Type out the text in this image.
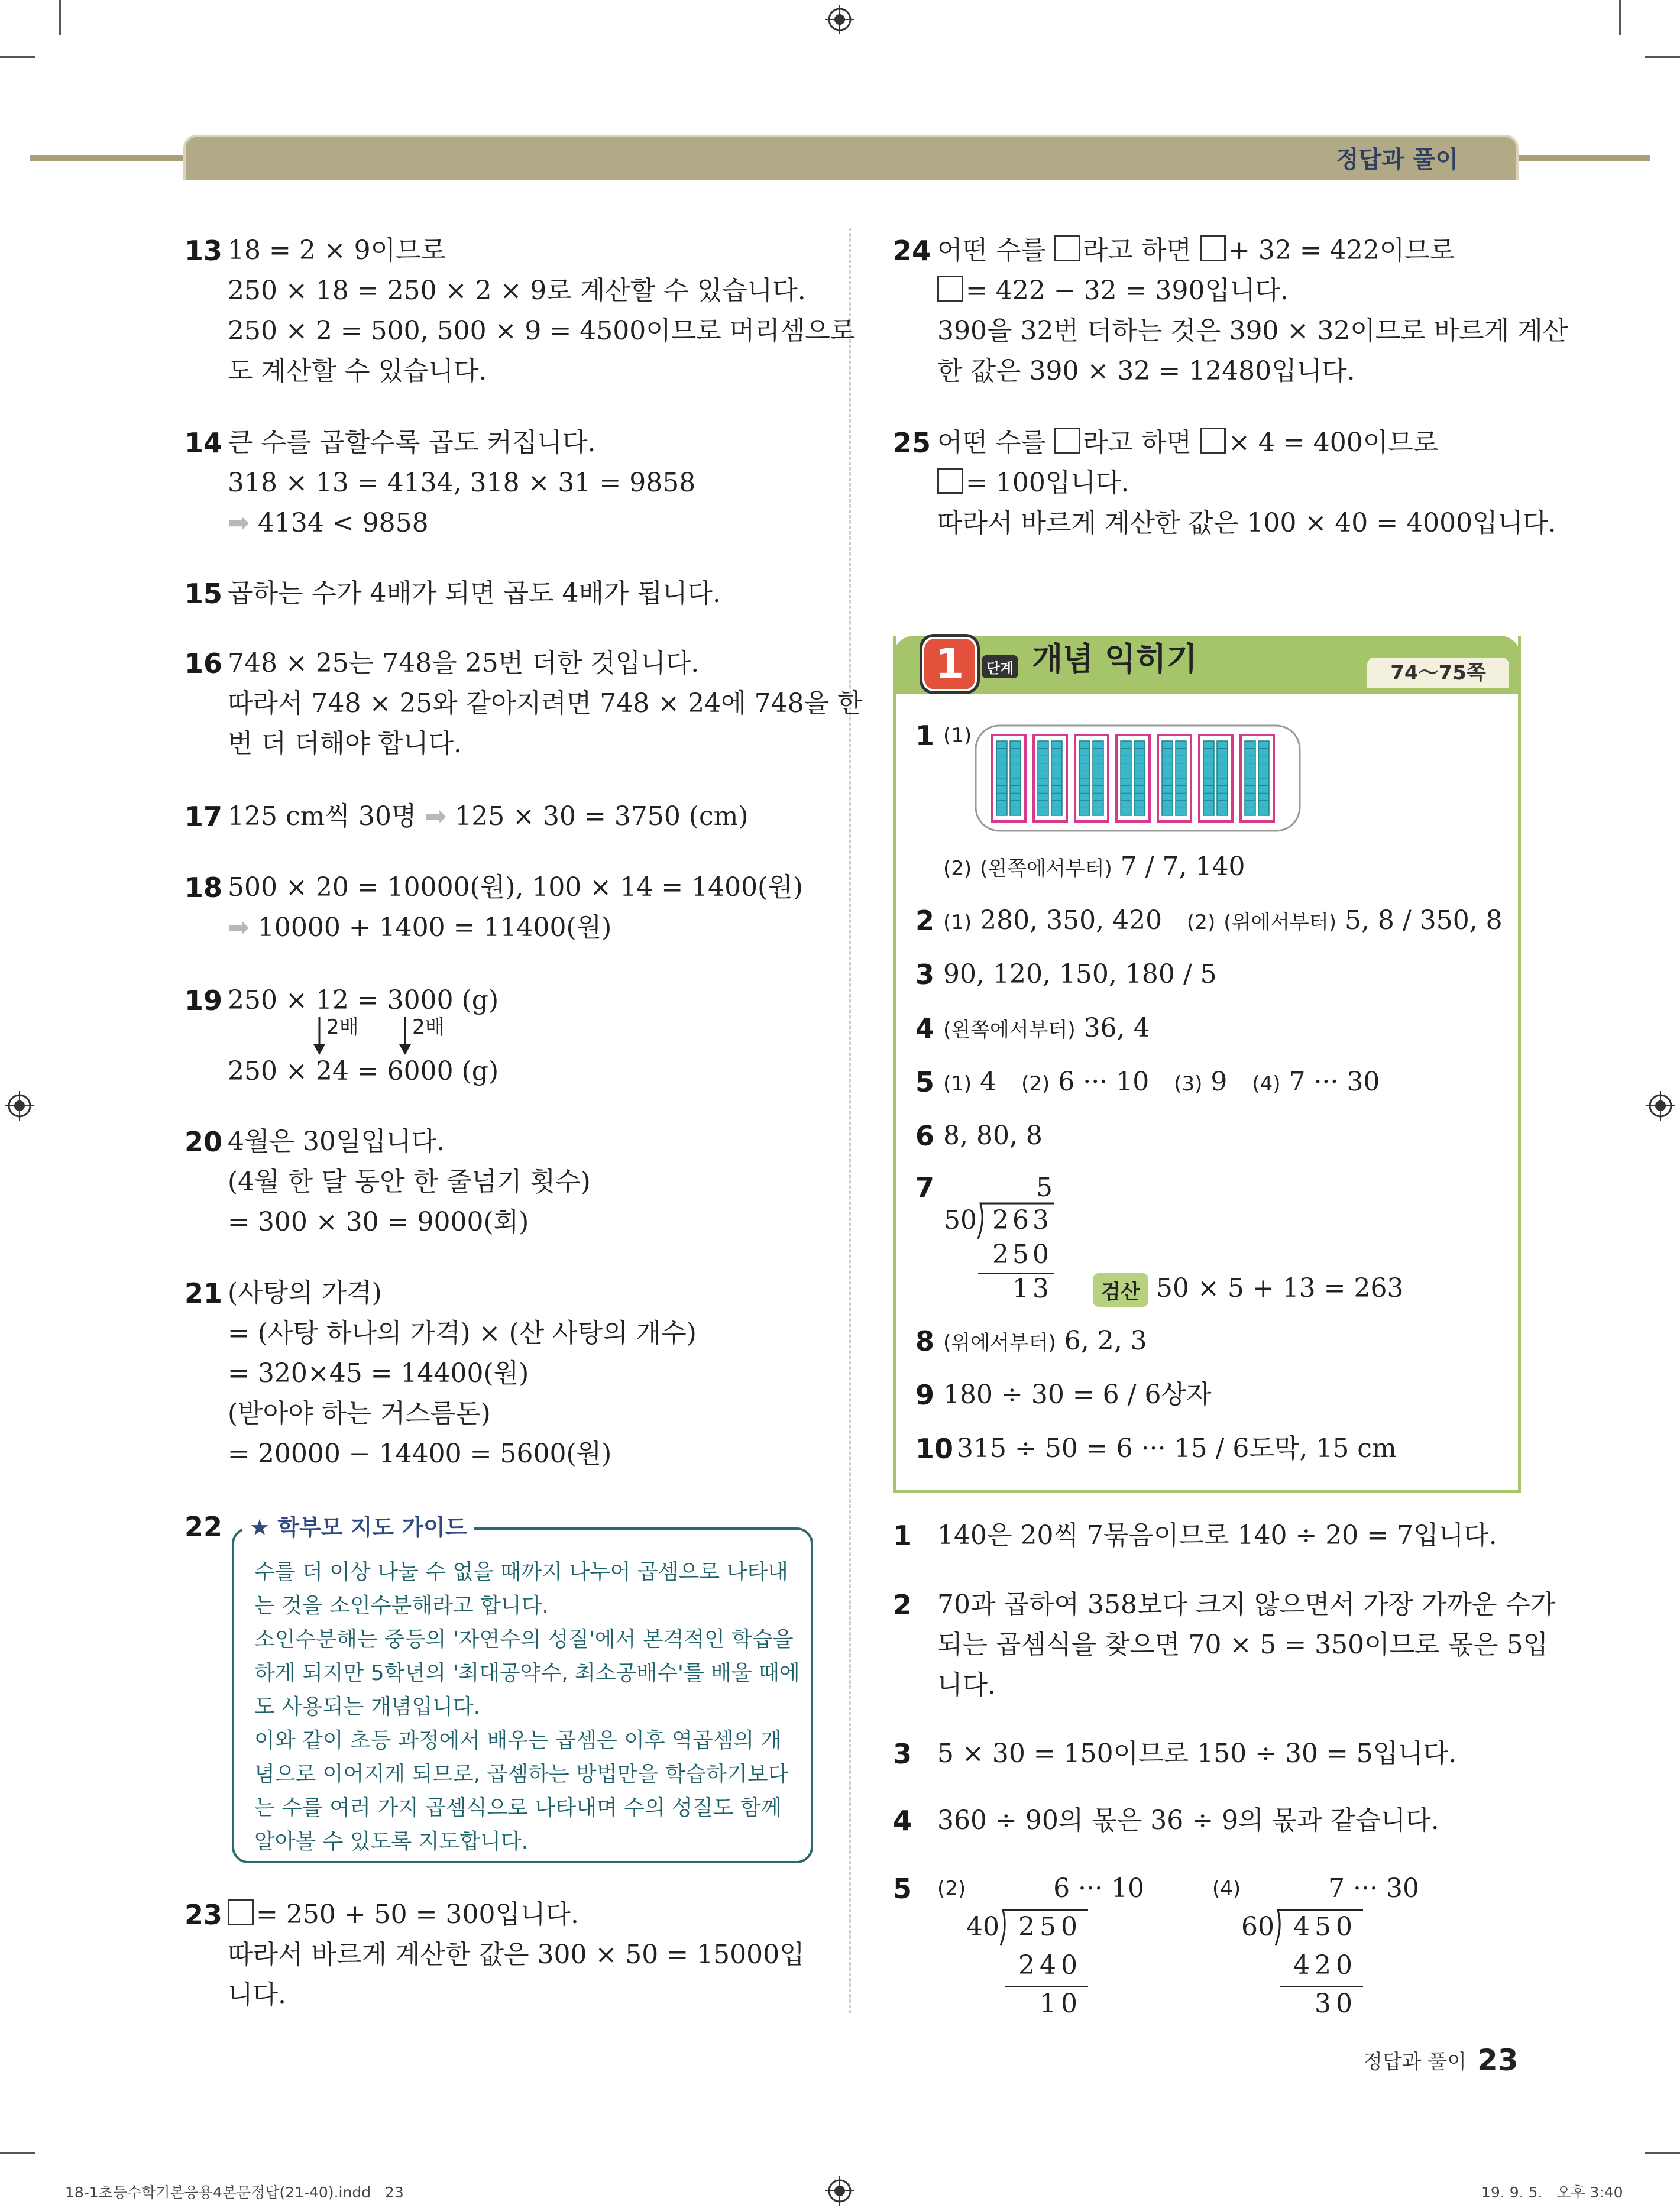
정답과 풀이
13 18 = 2 × 9이므로
250 × 18 = 250 × 2 × 9로 계산할 수 있습니다.
250 × 2 = 500, 500 × 9 = 4500이므로 머리셈으로
도 계산할 수 있습니다.
14 큰 수를 곱할수록 곱도 커집니다.
318 × 13 = 4134, 318 × 31 = 9858
➡ 4134 < 9858
15 곱하는 수가 4배가 되면 곱도 4배가 됩니다.
16 748 × 25는 748을 25번 더한 것입니다.
따라서 748 × 25와 같아지려면 748 × 24에 748을 한
번 더 더해야 합니다.
17 125 cm씩 30명 ➡ 125 × 30 = 3750 (cm)
18 500 × 20 = 10000(원), 100 × 14 = 1400(원)
➡ 10000 + 1400 = 11400(원)
19 250 × 12 = 3000 (g)
2배	2배
250 × 24 = 6000 (g)
20 4월은 30일입니다.
(4월 한 달 동안 한 줄넘기 횟수)
= 300 × 30 = 9000(회)
21 (사탕의 가격)
= (사탕 하나의 가격) × (산 사탕의 개수)
= 320×45 = 14400(원)
(받아야 하는 거스름돈)
= 20000 − 14400 = 5600(원)
22	★ 학부모 지도 가이드
수를 더 이상 나눌 수 없을 때까지 나누어 곱셈으로 나타내
는 것을 소인수분해라고 합니다.
소인수분해는 중등의 '자연수의 성질'에서 본격적인 학습을
하게 되지만 5학년의 '최대공약수, 최소공배수'를 배울 때에
도 사용되는 개념입니다.
이와 같이 초등 과정에서 배우는 곱셈은 이후 역곱셈의 개
념으로 이어지게 되므로, 곱셈하는 방법만을 학습하기보다
는 수를 여러 가지 곱셈식으로 나타내며 수의 성질도 함께
알아볼 수 있도록 지도합니다.
23	= 250 + 50 = 300입니다.
따라서 바르게 계산한 값은 300 × 50 = 15000입
니다.
24 어떤 수를 라고 하면 + 32 = 422이므로
= 422 − 32 = 390입니다.
390을 32번 더하는 것은 390 × 32이므로 바르게 계산
한 값은 390 × 32 = 12480입니다.
25 어떤 수를 라고 하면 × 4 = 400이므로
= 100입니다.
따라서 바르게 계산한 값은 100 × 40 = 4000입니다.
1	단계 개념 익히기	74～75쪽
1 (1)
(2) (왼쪽에서부터) 7 / 7, 140
2 (1) 280, 350, 420 (2) (위에서부터) 5, 8 / 350, 8
3 90, 120, 150, 180 / 5
4 (왼쪽에서부터) 36, 4
5 (1) 4 (2) 6 ··· 10 (3) 9 (4) 7 ··· 30
6 8, 80, 8
7	5
50 263
250
13	검산 50 × 5 + 13 = 263
8 (위에서부터) 6, 2, 3
9 180 ÷ 30 = 6 / 6상자
10 315 ÷ 50 = 6 ··· 15 / 6도막, 15 cm
1 140은 20씩 7묶음이므로 140 ÷ 20 = 7입니다.
2 70과 곱하여 358보다 크지 않으면서 가장 가까운 수가
되는 곱셈식을 찾으면 70 × 5 = 350이므로 몫은 5입
니다.
3 5 × 30 = 150이므로 150 ÷ 30 = 5입니다.
4 360 ÷ 90의 몫은 36 ÷ 9의 몫과 같습니다.
5 (2)	6 ··· 10
40 250
240
10
(4)	7 ··· 30
60 450
420
30
정답과 풀이 23
18-1초등수학기본응용4본문정답(21-40).indd   23	19. 9. 5.   오후 3:40
